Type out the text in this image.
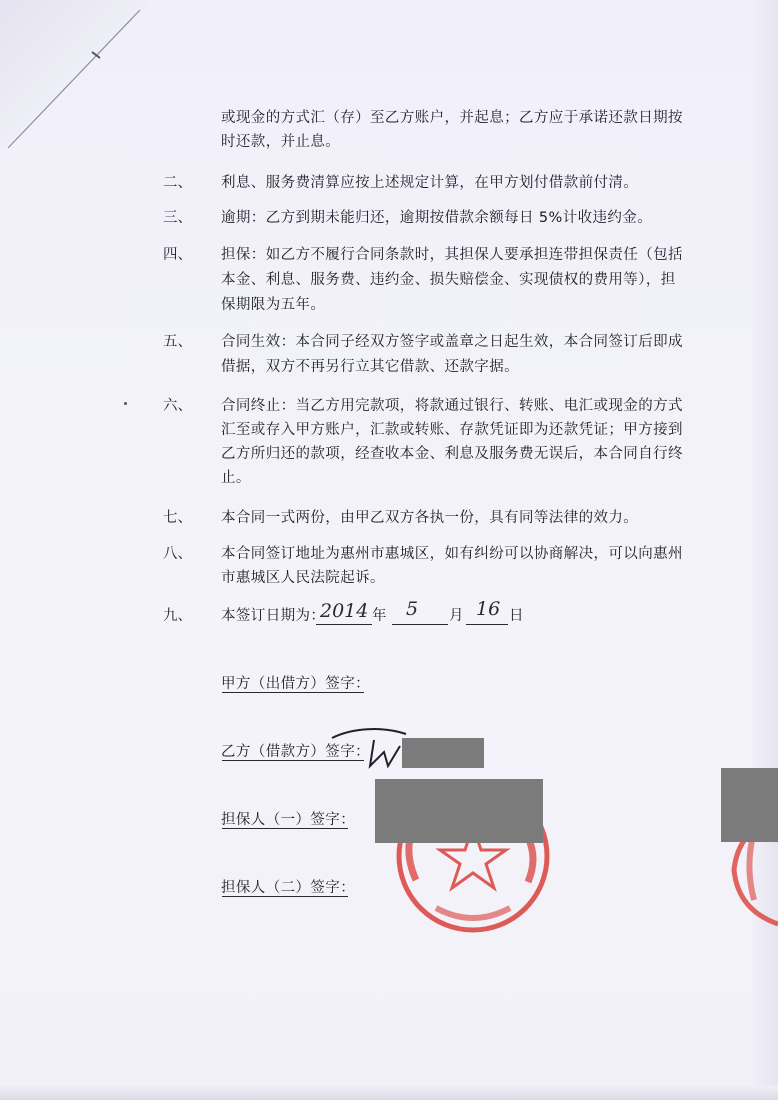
或现金的方式汇（存）至乙方账户，并起息；乙方应于承诺还款日期按
时还款，并止息。
二、 利息、服务费清算应按上述规定计算，在甲方划付借款前付清。
三、 逾期：乙方到期未能归还，逾期按借款余额每日 5%计收违约金。
四、 担保：如乙方不履行合同条款时，其担保人要承担连带担保责任（包括
本金、利息、服务费、违约金、损失赔偿金、实现债权的费用等），担
保期限为五年。
五、 合同生效：本合同子经双方签字或盖章之日起生效，本合同签订后即成
借据，双方不再另行立其它借款、还款字据。
六、 合同终止：当乙方用完款项，将款通过银行、转账、电汇或现金的方式
汇至或存入甲方账户，汇款或转账、存款凭证即为还款凭证；甲方接到
乙方所归还的款项，经查收本金、利息及服务费无误后，本合同自行终
止。
七、 本合同一式两份，由甲乙双方各执一份，具有同等法律的效力。
八、 本合同签订地址为惠州市惠城区，如有纠纷可以协商解决，可以向惠州
市惠城区人民法院起诉。
九、 本签订日期为：
2014 年 5 月 16 日
甲方（出借方）签字：
乙方（借款方）签字：
担保人（一）签字：
担保人（二）签字：
